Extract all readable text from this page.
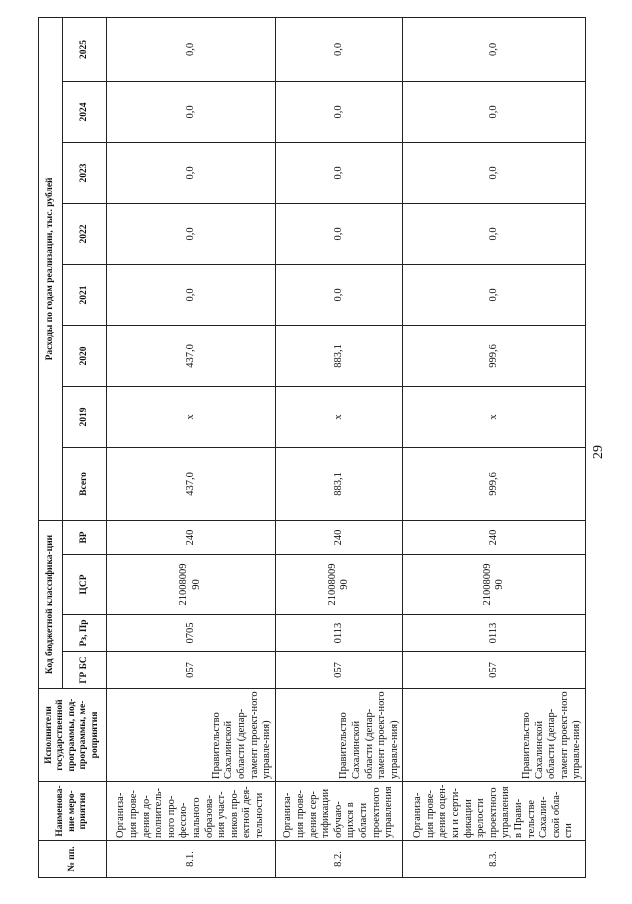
29
№ пп.	Наименова-ние меро-приятия	Исполнители государственной программы, под-программы, ме-роприятия	Код бюджетной классифика-ции				Расходы по годам реализации, тыс. рублей							
			ГР БС	Рз, Пр	ЦСР	ВР	Всего	2019	2020	2021	2022	2023	2024	2025
8.1.	Организа-ция прове-дения до-полнитель-ного про-фессио-нального образова-ния участ-ников про-ектной дея-тельности	Правительство Сахалинской области (депар-тамент проект-ного управле-ния)	057	0705	21008009 90	240	437,0	x	437,0	0,0	0,0	0,0	0,0	0,0
8.2.	Организа-ция прове-дения сер-тификации обучаю-щихся в области проектного управления	Правительство Сахалинской области (депар-тамент проект-ного управле-ния)	057	0113	21008009 90	240	883,1	x	883,1	0,0	0,0	0,0	0,0	0,0
8.3.	Организа-ция прове-дения оцен-ки и серти-фикации зрелости проектного управления в Прави-тельстве Сахалин-ской обла-сти	Правительство Сахалинской области (депар-тамент проект-ного управле-ния)	057	0113	21008009 90	240	999,6	x	999,6	0,0	0,0	0,0	0,0	0,0
